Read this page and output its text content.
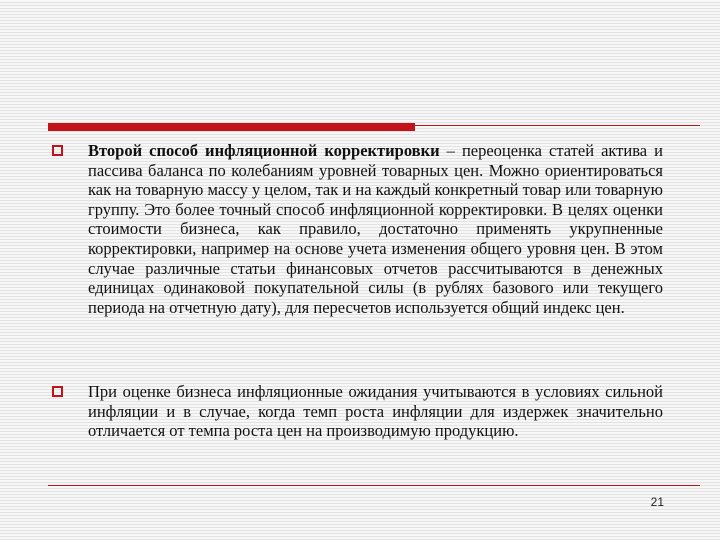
Второй способ инфляционной корректировки – переоценка статей актива и пассива баланса по колебаниям уровней товарных цен. Можно ориентироваться как на товарную массу у целом, так и на каждый конкретный товар или товарную группу. Это более точный способ инфляционной корректировки. В целях оценки стоимости бизнеса, как правило, достаточно применять укрупненные корректировки, например на основе учета изменения общего уровня цен. В этом случае различные статьи финансовых отчетов рассчитываются в денежных единицах одинаковой покупательной силы (в рублях базового или текущего периода на отчетную дату), для пересчетов используется общий индекс цен.
При оценке бизнеса инфляционные ожидания учитываются в условиях сильной инфляции и в случае, когда темп роста инфляции для издержек значительно отличается от темпа роста цен на производимую продукцию.
21
